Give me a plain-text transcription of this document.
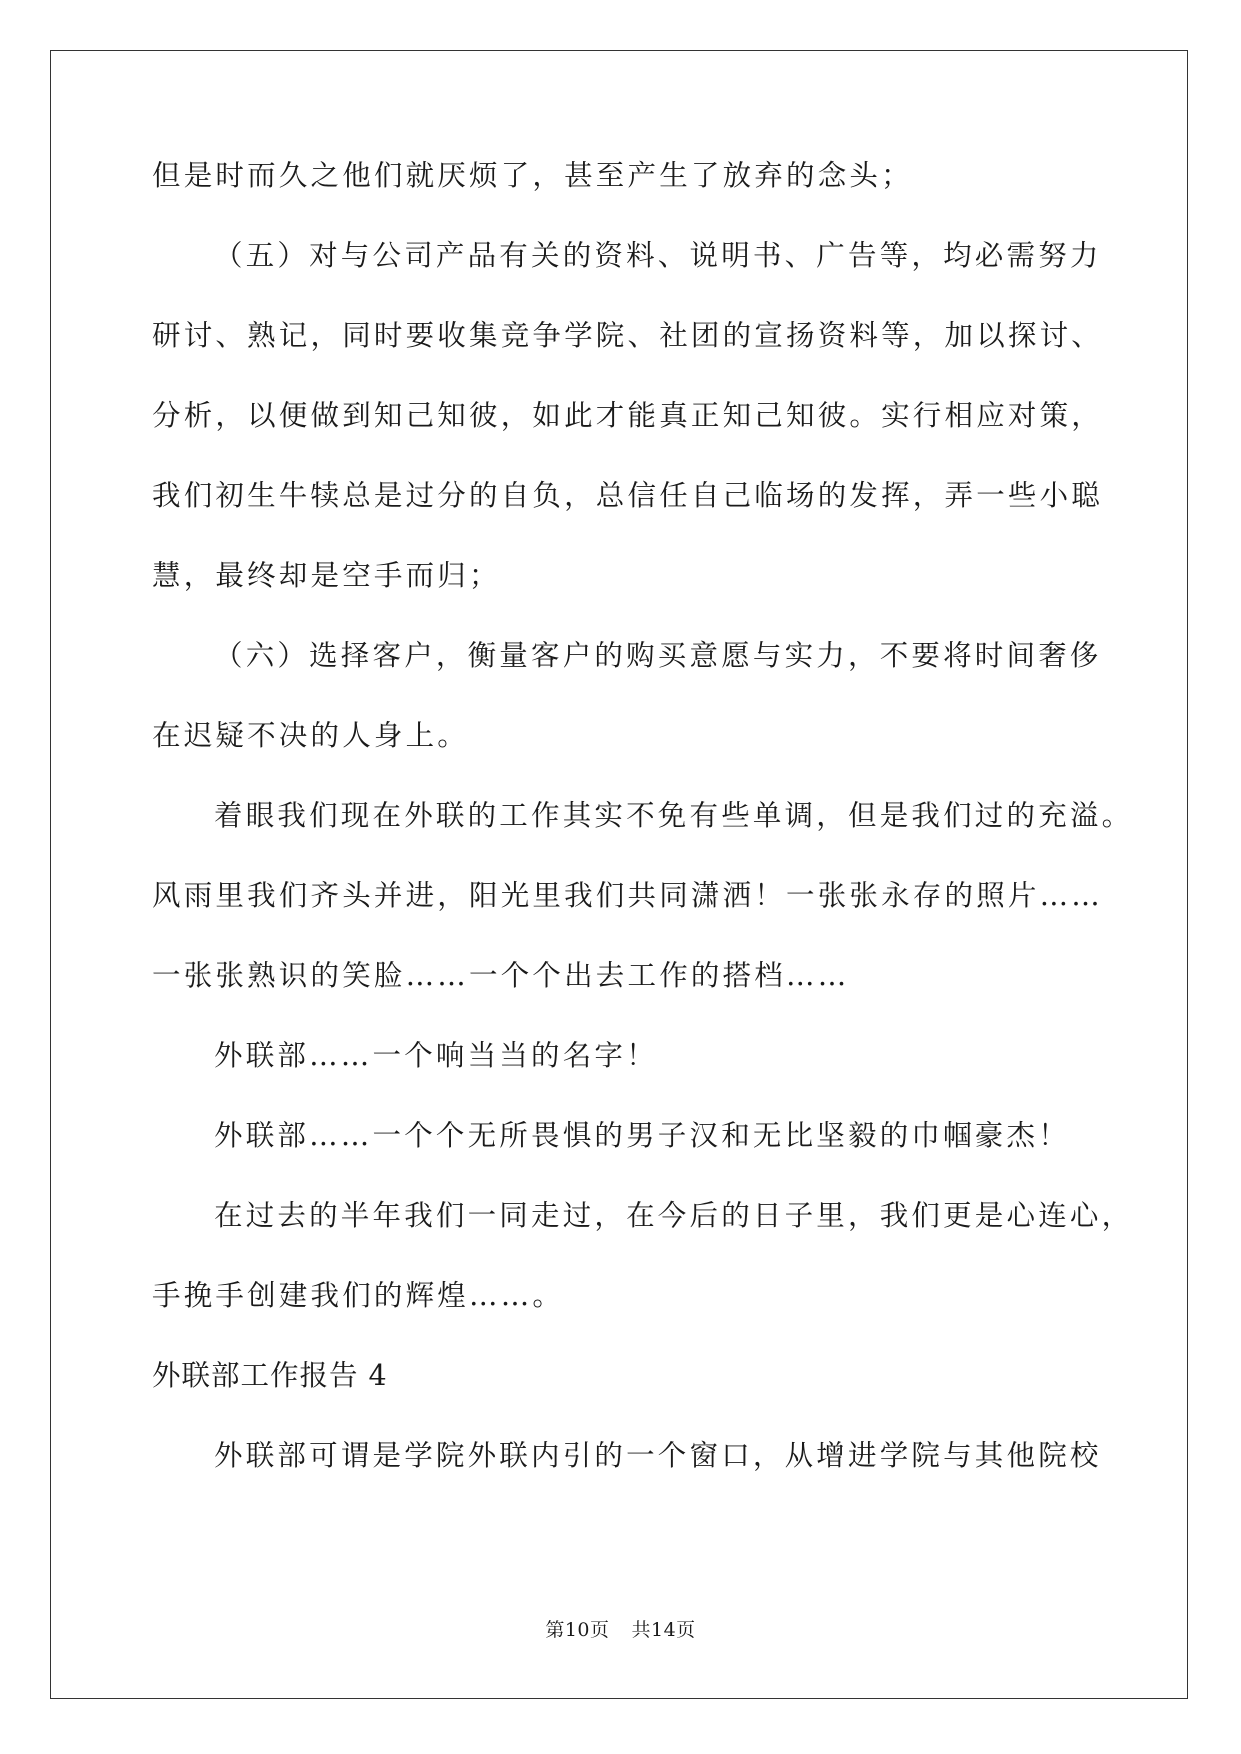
但是时而久之他们就厌烦了，甚至产生了放弃的念头；
（五）对与公司产品有关的资料、说明书、广告等，均必需努力
研讨、熟记，同时要收集竞争学院、社团的宣扬资料等，加以探讨、
分析，以便做到知己知彼，如此才能真正知己知彼。实行相应对策，
我们初生牛犊总是过分的自负，总信任自己临场的发挥，弄一些小聪
慧，最终却是空手而归；
（六）选择客户，衡量客户的购买意愿与实力，不要将时间奢侈
在迟疑不决的人身上。
着眼我们现在外联的工作其实不免有些单调，但是我们过的充溢。
风雨里我们齐头并进，阳光里我们共同潇洒！一张张永存的照片……
一张张熟识的笑脸……一个个出去工作的搭档……
外联部……一个响当当的名字！
外联部……一个个无所畏惧的男子汉和无比坚毅的巾帼豪杰！
在过去的半年我们一同走过，在今后的日子里，我们更是心连心，
手挽手创建我们的辉煌……。
外联部工作报告 4
外联部可谓是学院外联内引的一个窗口，从增进学院与其他院校
第10页 共14页
